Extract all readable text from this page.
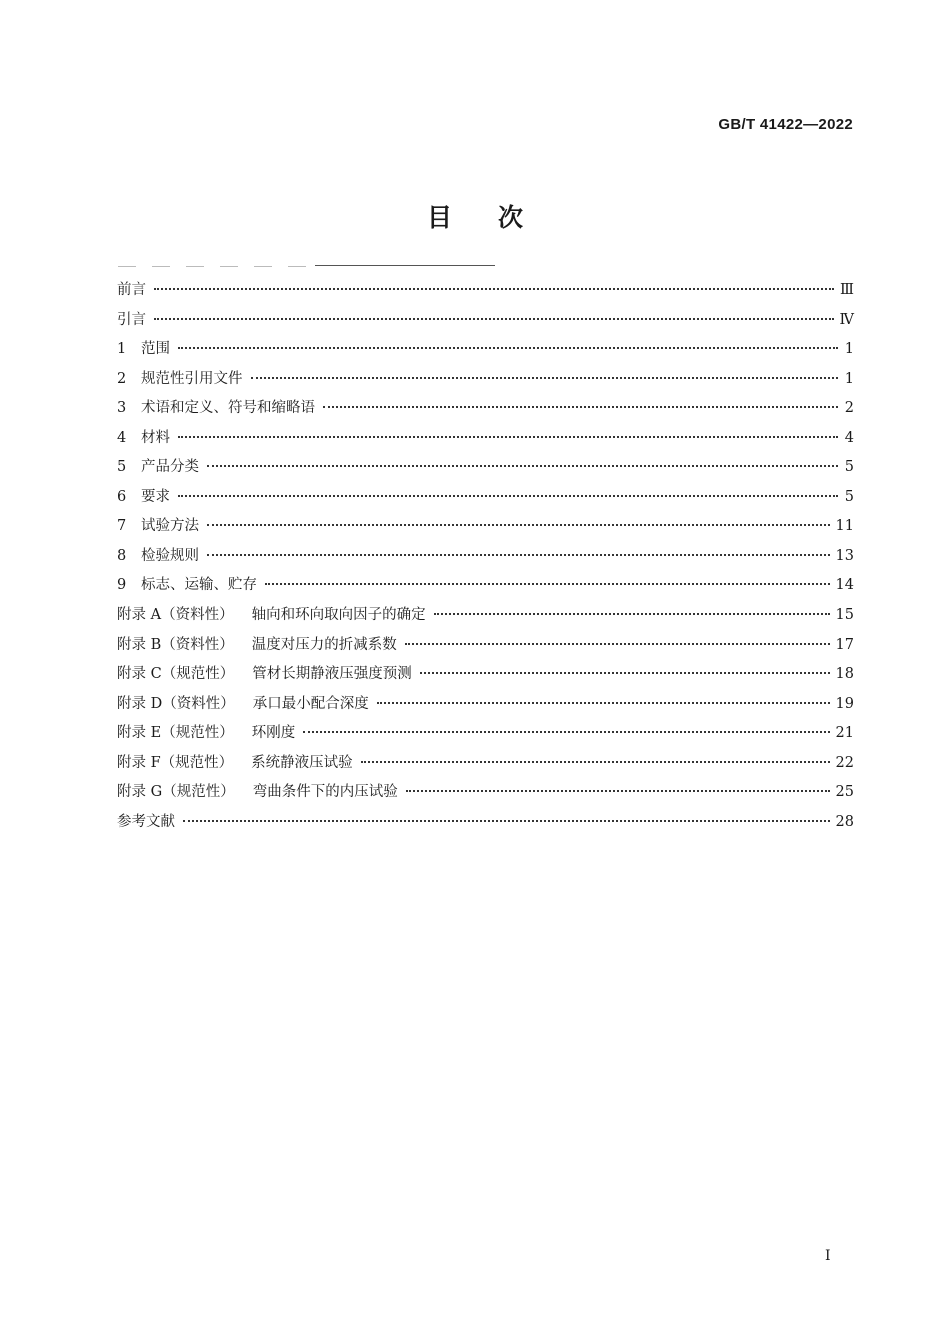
GB/T 41422—2022
目次
前言	Ⅲ
引言	Ⅳ
1	范围	1
2	规范性引用文件	1
3	术语和定义、符号和缩略语	2
4	材料	4
5	产品分类	5
6	要求	5
7	试验方法	11
8	检验规则	13
9	标志、运输、贮存	14
附录 A（资料性） 轴向和环向取向因子的确定	15
附录 B（资料性） 温度对压力的折减系数	17
附录 C（规范性） 管材长期静液压强度预测	18
附录 D（资料性） 承口最小配合深度	19
附录 E（规范性） 环刚度	21
附录 F（规范性） 系统静液压试验	22
附录 G（规范性） 弯曲条件下的内压试验	25
参考文献	28
I
